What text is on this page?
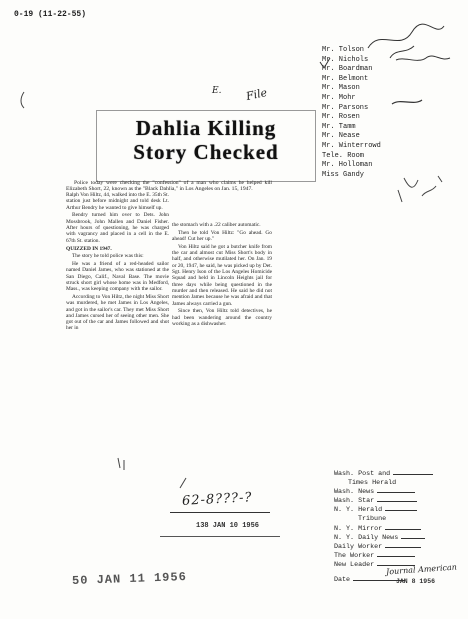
0-19 (11-22-55)
E. File
Mr. Tolson
Mr. Nichols
Mr. Boardman
Mr. Belmont
Mr. Mason
Mr. Mohr
Mr. Parsons
Mr. Rosen
Mr. Tamm
Mr. Nease
Mr. Winterrowd
Tele. Room
Mr. Holloman
Miss Gandy
Dahlia Killing
Story Checked
Police today were checking the "confession" of a man who claims he helped kill Elizabeth Short, 22, known as the "Black Dahlia," in Los Angeles on Jan. 15, 1947.

Ralph Von Hiltz, 44, walked into the E. 35th St. station just before midnight and told desk Lt. Arthur Bendry he wanted to give himself up.

Bendry turned him over to Dets. John Mossbrook, John Mallen and Daniel Fisher. After hours of questioning, he was charged with vagrancy and placed in a cell in the E. 67th St. station.

QUIZZED IN 1947.

The story he told police was this:

He was a friend of a red-headed sailor named Daniel James, who was stationed at the San Diego, Calif., Naval Base. The movie struck short girl whose home was in Medford, Mass., was keeping company with the sailor.

According to Von Hiltz, the night Miss Short was murdered, he met James in Los Angeles, and got in the sailor's car. They met Miss Short and James cursed her of seeing other men. She got out of the car and James followed and shot her in

the stomach with a .22 caliber automatic.

Then he told Von Hiltz: "Go ahead. Go ahead! Cut her up."

Von Hiltz said he got a butcher knife from the car and almost cut Miss Short's body in half, and otherwise mutilated her. On Jan. 19 or 20, 1947, he said, he was picked up by Det. Sgt. Henry Ison of the Los Angeles Homicide Squad and held in Lincoln Heights jail for three days while being questioned in the murder and then released. He said he did not mention James because he was afraid and that James always carried a gun.

Since then, Von Hiltz told detectives, he had been wandering around the country working as a dishwasher.

Wash. Post and
Times Herald
Wash. News
Wash. Star
N. Y. Herald
Tribune
N. Y. Mirror
N. Y. Daily News
Daily Worker
The Worker
New Leader
Date
Journal American
JAN 8 1956
62-8???-?
138 JAN 10 1956
50 JAN 11 1956
